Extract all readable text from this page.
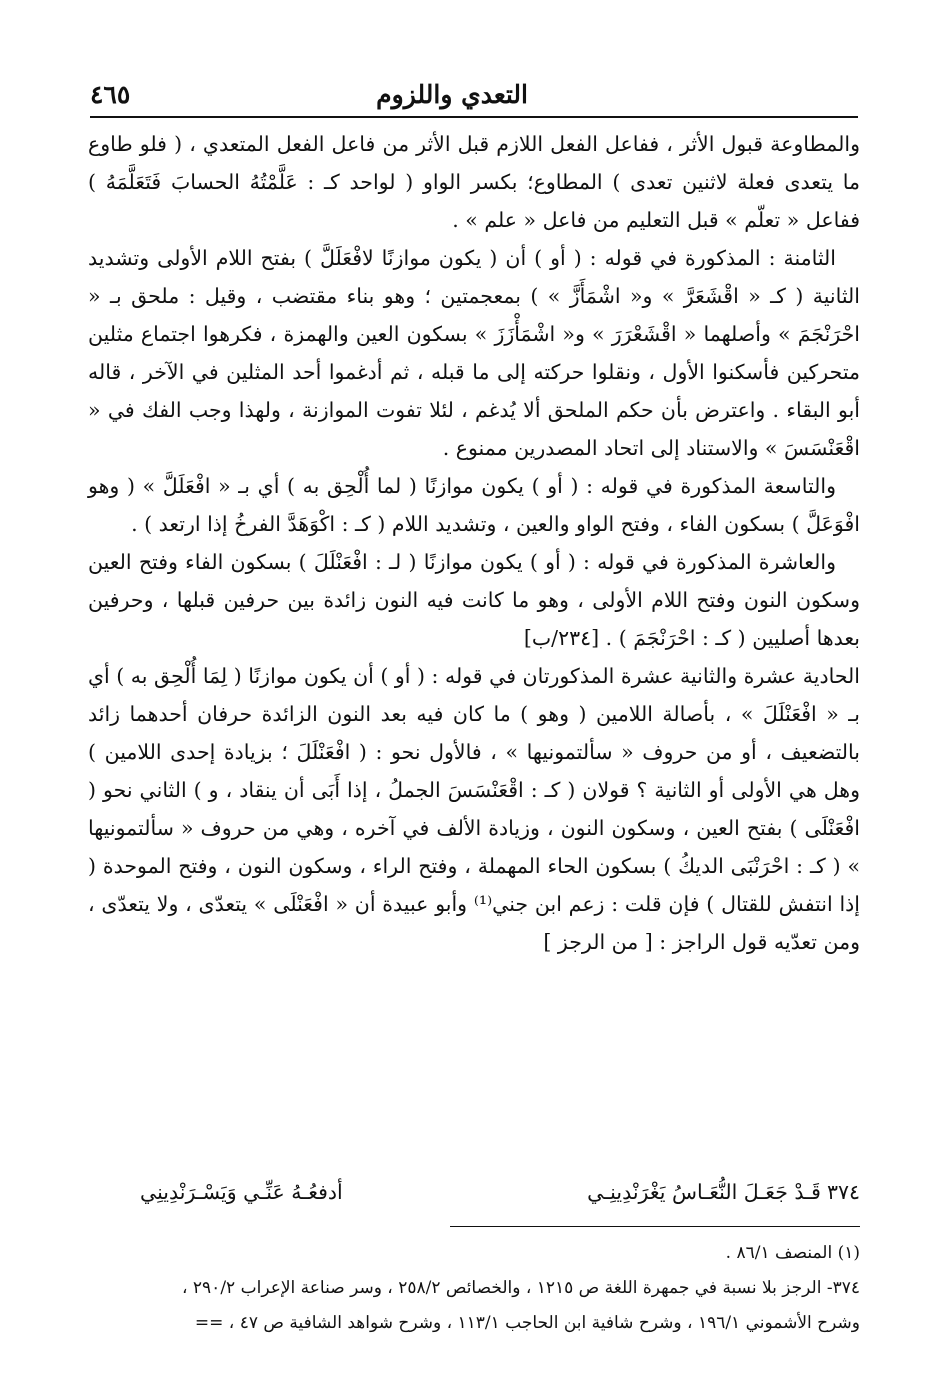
التعدي واللزوم
٤٦٥

والمطاوعة قبول الأثر ، ففاعل الفعل اللازم قبل الأثر من فاعل الفعل المتعدي ، ( فلو طاوع ما يتعدى فعلة لاثنين تعدى ) المطاوع؛ بكسر الواو ( لواحد كـ : عَلَّمْتُهُ الحسابَ فَتَعَلَّمَهُ ) ففاعل « تعلّم » قبل التعليم من فاعل « علم » .

الثامنة : المذكورة في قوله : ( أو ) أن ( يكون موازنًا لافْعَلَلَّ ) بفتح اللام الأولى وتشديد الثانية ( كـ « اقْشَعَرَّ » و« اشْمَأَزَّ » ) بمعجمتين ؛ وهو بناء مقتضب ، وقيل : ملحق بـ « احْرَنْجَمَ » وأصلهما « اقْشَعْرَرَ » و« اشْمَأْزَزَ » بسكون العين والهمزة ، فكرهوا اجتماع مثلين متحركين فأسكنوا الأول ، ونقلوا حركته إلى ما قبله ، ثم أدغموا أحد المثلين في الآخر ، قاله أبو البقاء . واعترض بأن حكم الملحق ألا يُدغم ، لئلا تفوت الموازنة ، ولهذا وجب الفك في « اقْعَنْسَسَ » والاستناد إلى اتحاد المصدرين ممنوع .

والتاسعة المذكورة في قوله : ( أو ) يكون موازنًا ( لما أُلْحِق به ) أي بـ « افْعَلَلَّ » ( وهو افْوَعَلَّ ) بسكون الفاء ، وفتح الواو والعين ، وتشديد اللام ( كـ : اكْوَهَدَّ الفرخُ إذا ارتعد ) .

والعاشرة المذكورة في قوله : ( أو ) يكون موازنًا ( لـ : افْعَنْلَلَ ) بسكون الفاء وفتح العين وسكون النون وفتح اللام الأولى ، وهو ما كانت فيه النون زائدة بين حرفين قبلها ، وحرفين بعدها أصليين ( كـ : احْرَنْجَمَ ) . [٢٣٤/ب]

الحادية عشرة والثانية عشرة المذكورتان في قوله : ( أو ) أن يكون موازنًا ( لِمَا أُلْحِق به ) أي بـ « افْعَنْلَلَ » ، بأصالة اللامين ( وهو ) ما كان فيه بعد النون الزائدة حرفان أحدهما زائد بالتضعيف ، أو من حروف « سألتمونيها » ، فالأول نحو : ( افْعَنْلَلَ ؛ بزيادة إحدى اللامين ) وهل هي الأولى أو الثانية ؟ قولان ( كـ : اقْعَنْسَسَ الجملُ ، إذا أَبَى أن ينقاد ، و ) الثاني نحو ( افْعَنْلَى ) بفتح العين ، وسكون النون ، وزيادة الألف في آخره ، وهي من حروف « سألتمونيها » ( كـ : احْرَنْبَى الديكُ ) بسكون الحاء المهملة ، وفتح الراء ، وسكون النون ، وفتح الموحدة ( إذا انتفش للقتال ) فإن قلت : زعم ابن جني⁽¹⁾ وأبو عبيدة أن « افْعَنْلَى » يتعدّى ، ولا يتعدّى ، ومن تعدّيه قول الراجز : [ من الرجز ]

٣٧٤قَـدْ جَعَـلَ النُّعَـاسُ يَغْرَنْدِينِـي
أدفعُـهُ عَنِّـي وَيَسْـرَنْدِينِي

(١) المنصف ٨٦/١ .

٣٧٤- الرجز بلا نسبة في جمهرة اللغة ص ١٢١٥ ، والخصائص ٢٥٨/٢ ، وسر صناعة الإعراب ٢٩٠/٢ ،

وشرح الأشموني ١٩٦/١ ، وشرح شافية ابن الحاجب ١١٣/١ ، وشرح شواهد الشافية ص ٤٧ ، ==
